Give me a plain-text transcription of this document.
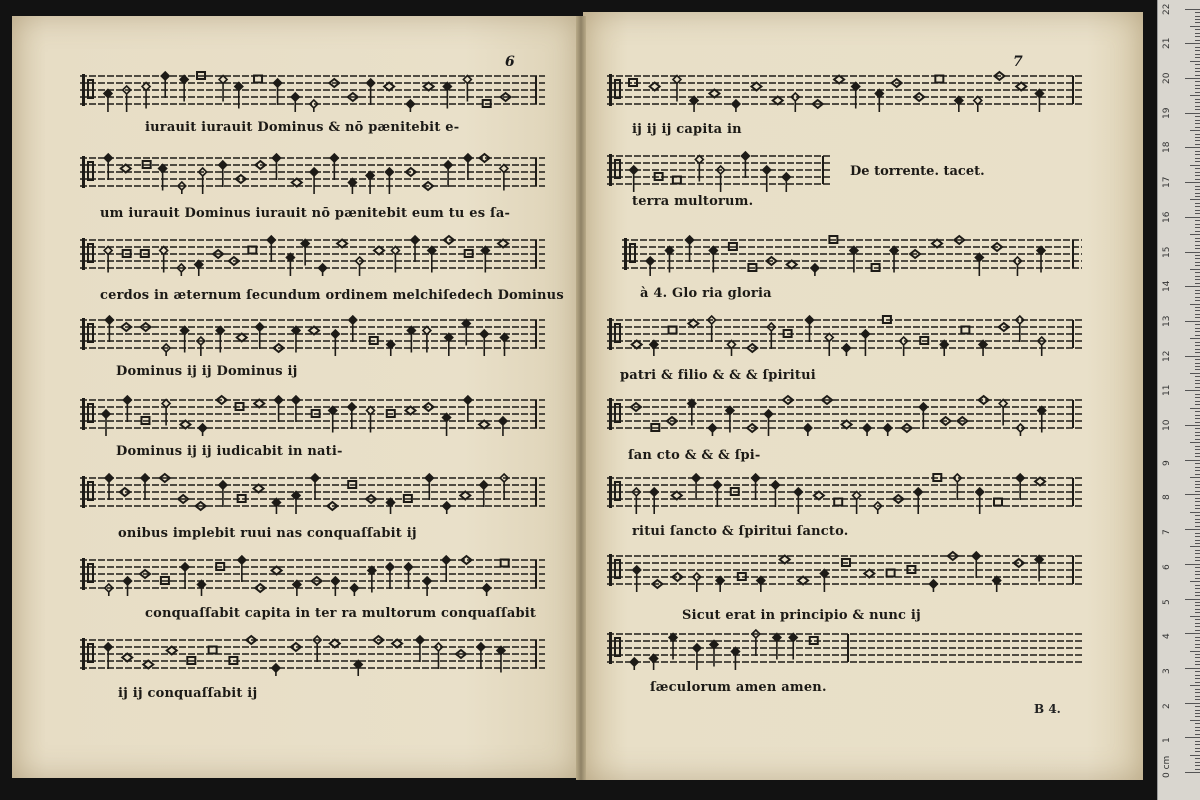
6	7
iurauit iurauit Dominus & nō pænitebit e-
um iurauit Dominus iurauit nō pænitebit eum tu es ſa-
cerdos in æternum ſecundum ordinem melchiſedech Dominus
Dominus ij ij Dominus ij
Dominus ij ij iudicabit in nati-
onibus implebit ruui nas conquaſſabit ij
conquaſſabit capita in ter ra multorum conquaſſabit
ij ij conquaſſabit ij
ij ij ij capita in
De torrente. tacet.
terra multorum.
à 4. Glo ria gloria
patri & filio & & & ſpiritui
ſan cto & & & ſpi-
ritui ſancto & ſpiritui ſancto.
Sicut erat in principio & nunc ij
ſæculorum amen amen.
B 4.
0 cm
1
2
3
4
5
6
7
8
9
10
11
12
13
14
15
16
17
18
19
20
21
22
